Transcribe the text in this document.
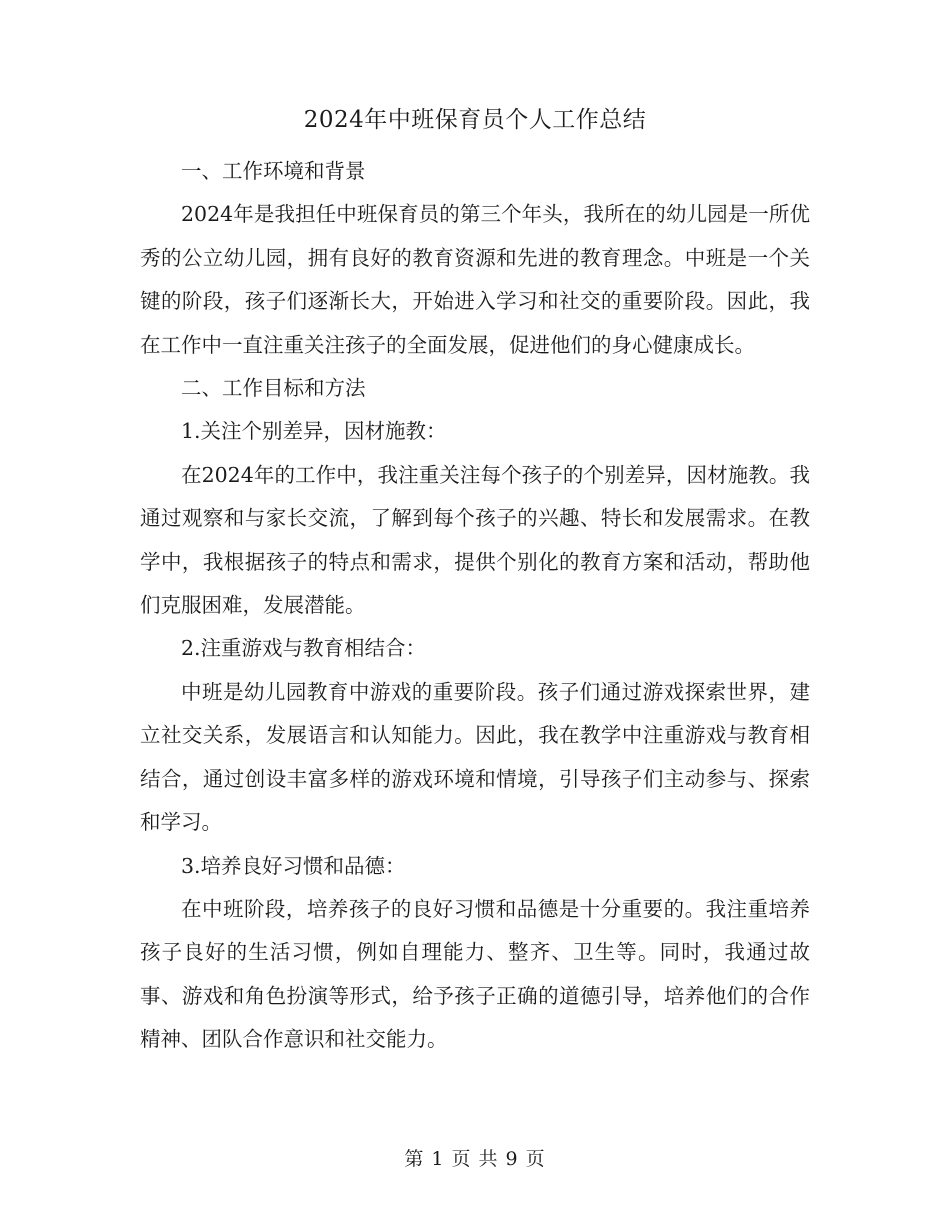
2024年中班保育员个人工作总结

一、工作环境和背景

2024年是我担任中班保育员的第三个年头，我所在的幼儿园是一所优秀的公立幼儿园，拥有良好的教育资源和先进的教育理念。中班是一个关键的阶段，孩子们逐渐长大，开始进入学习和社交的重要阶段。因此，我在工作中一直注重关注孩子的全面发展，促进他们的身心健康成长。

二、工作目标和方法

1.关注个别差异，因材施教：

在2024年的工作中，我注重关注每个孩子的个别差异，因材施教。我通过观察和与家长交流，了解到每个孩子的兴趣、特长和发展需求。在教学中，我根据孩子的特点和需求，提供个别化的教育方案和活动，帮助他们克服困难，发展潜能。

2.注重游戏与教育相结合：

中班是幼儿园教育中游戏的重要阶段。孩子们通过游戏探索世界，建立社交关系，发展语言和认知能力。因此，我在教学中注重游戏与教育相结合，通过创设丰富多样的游戏环境和情境，引导孩子们主动参与、探索和学习。

3.培养良好习惯和品德：

在中班阶段，培养孩子的良好习惯和品德是十分重要的。我注重培养孩子良好的生活习惯，例如自理能力、整齐、卫生等。同时，我通过故事、游戏和角色扮演等形式，给予孩子正确的道德引导，培养他们的合作精神、团队合作意识和社交能力。

第 1 页 共 9 页
